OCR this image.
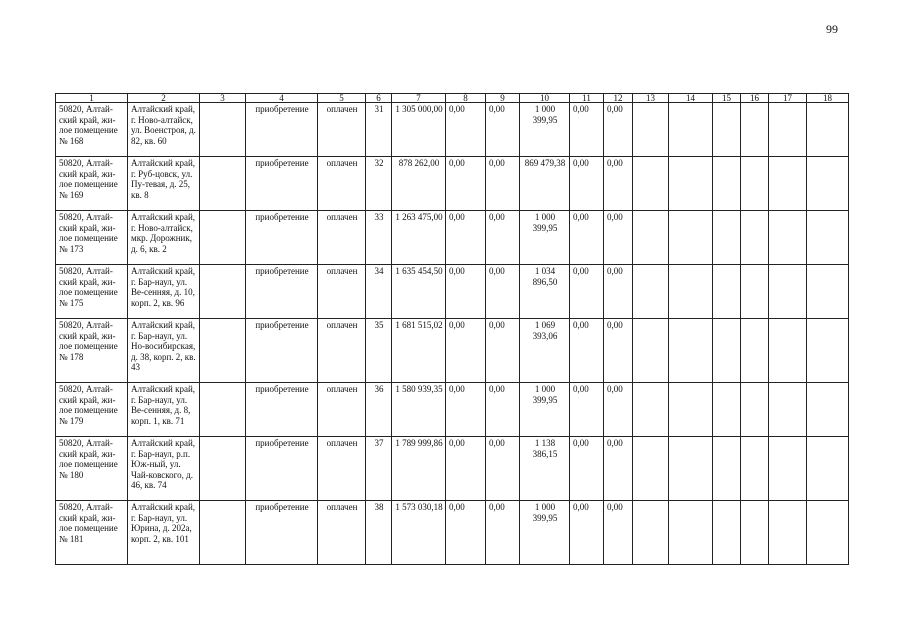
99
1	2	3	4	5	6	7	8	9	10	11	12	13	14	15	16	17	18
50820, Алтай-ский край, жи-лое помещение № 168	Алтайский край, г. Ново-алтайск, ул. Военстроя, д. 82, кв. 60		приобретение	оплачен	31	1 305 000,00	0,00	0,00	1 000 399,95	0,00	0,00						
50820, Алтай-ский край, жи-лое помещение № 169	Алтайский край, г. Руб-цовск, ул. Пу-тевая, д. 25, кв. 8		приобретение	оплачен	32	878 262,00	0,00	0,00	869 479,38	0,00	0,00						
50820, Алтай-ский край, жи-лое помещение № 173	Алтайский край, г. Ново-алтайск, мкр. Дорожник, д. 6, кв. 2		приобретение	оплачен	33	1 263 475,00	0,00	0,00	1 000 399,95	0,00	0,00						
50820, Алтай-ский край, жи-лое помещение № 175	Алтайский край, г. Бар-наул, ул. Ве-сенняя, д. 10, корп. 2, кв. 96		приобретение	оплачен	34	1 635 454,50	0,00	0,00	1 034 896,50	0,00	0,00						
50820, Алтай-ский край, жи-лое помещение № 178	Алтайский край, г. Бар-наул, ул. Но-восибирская, д. 38, корп. 2, кв. 43		приобретение	оплачен	35	1 681 515,02	0,00	0,00	1 069 393,06	0,00	0,00						
50820, Алтай-ский край, жи-лое помещение № 179	Алтайский край, г. Бар-наул, ул. Ве-сенняя, д. 8, корп. 1, кв. 71		приобретение	оплачен	36	1 580 939,35	0,00	0,00	1 000 399,95	0,00	0,00						
50820, Алтай-ский край, жи-лое помещение № 180	Алтайский край, г. Бар-наул, р.п. Юж-ный, ул. Чай-ковского, д. 46, кв. 74		приобретение	оплачен	37	1 789 999,86	0,00	0,00	1 138 386,15	0,00	0,00						
50820, Алтай-ский край, жи-лое помещение № 181	Алтайский край, г. Бар-наул, ул. Юрина, д. 202а, корп. 2, кв. 101		приобретение	оплачен	38	1 573 030,18	0,00	0,00	1 000 399,95	0,00	0,00						
